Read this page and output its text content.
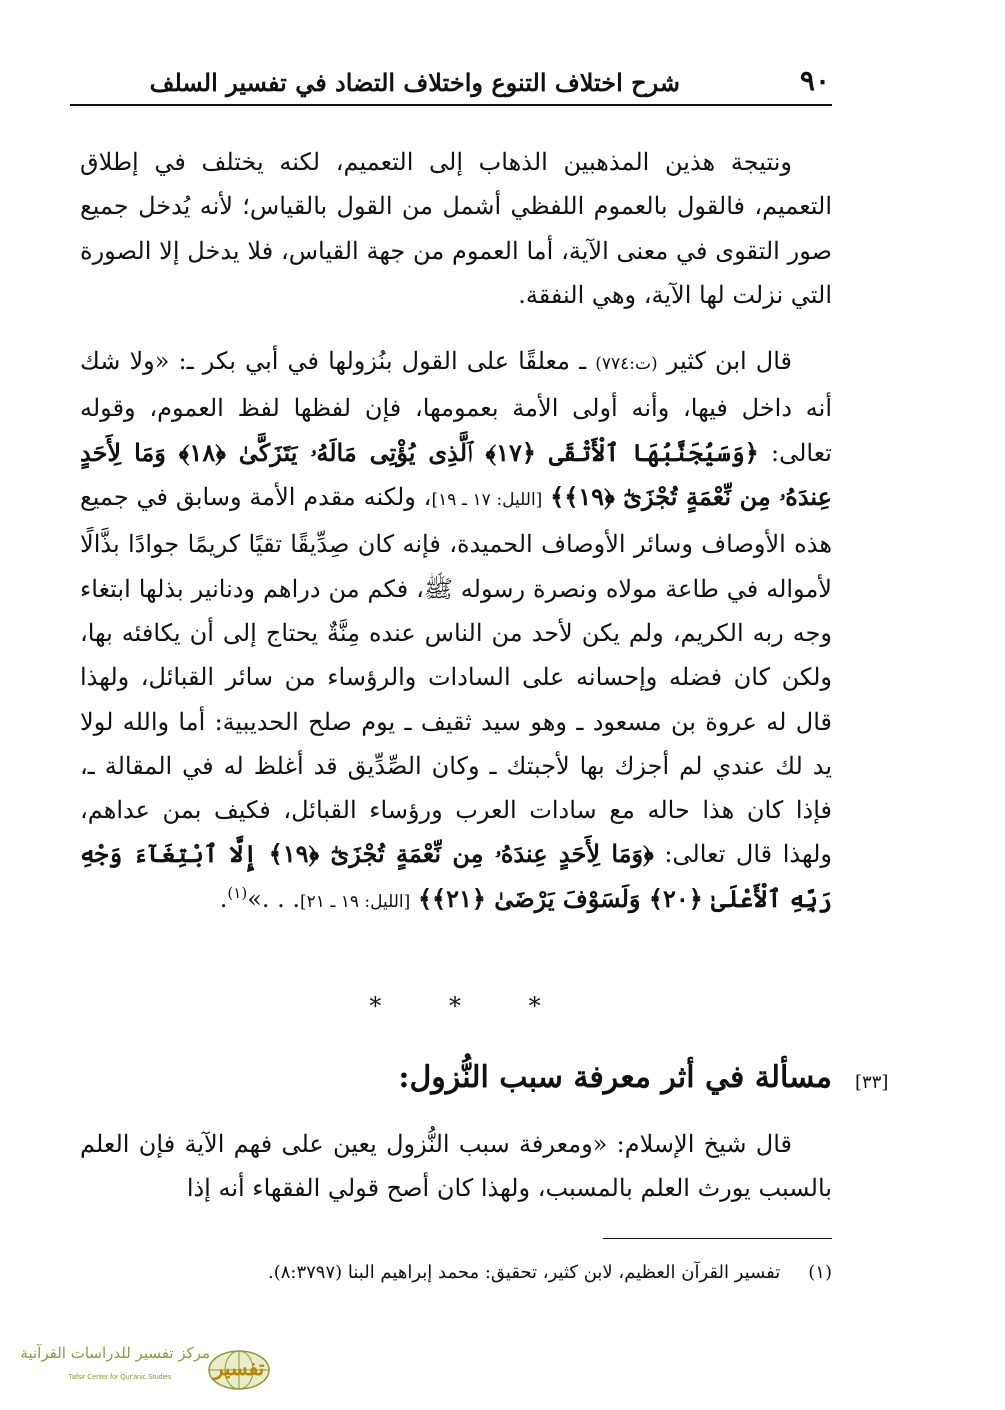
٩٠
شرح اختلاف التنوع واختلاف التضاد في تفسير السلف

ونتيجة هذين المذهبين الذهاب إلى التعميم، لكنه يختلف في إطلاق التعميم، فالقول بالعموم اللفظي أشمل من القول بالقياس؛ لأنه يُدخل جميع صور التقوى في معنى الآية، أما العموم من جهة القياس، فلا يدخل إلا الصورة التي نزلت لها الآية، وهي النفقة.

قال ابن كثير (ت:٧٧٤) ـ معلقًا على القول بنُزولها في أبي بكر ـ: «ولا شك أنه داخل فيها، وأنه أولى الأمة بعمومها، فإن لفظها لفظ العموم، وقوله تعالى: ﴿وَسَيُجَنَّبُهَا ٱلْأَتْقَى ﴿١٧﴾ ٱلَّذِى يُؤْتِى مَالَهُۥ يَتَزَكَّىٰ ﴿١٨﴾ وَمَا لِأَحَدٍ عِندَهُۥ مِن نِّعْمَةٍ تُجْزَىٰٓ ﴿١٩﴾﴾ [الليل: ١٧ ـ ١٩]، ولكنه مقدم الأمة وسابق في جميع هذه الأوصاف وسائر الأوصاف الحميدة، فإنه كان صِدِّيقًا تقيًا كريمًا جوادًا بذَّالًا لأمواله في طاعة مولاه ونصرة رسوله ﷺ، فكم من دراهم ودنانير بذلها ابتغاء وجه ربه الكريم، ولم يكن لأحد من الناس عنده مِنَّةٌ يحتاج إلى أن يكافئه بها، ولكن كان فضله وإحسانه على السادات والرؤساء من سائر القبائل، ولهذا قال له عروة بن مسعود ـ وهو سيد ثقيف ـ يوم صلح الحديبية: أما والله لولا يد لك عندي لم أجزك بها لأجبتك ـ وكان الصِّدِّيق قد أغلظ له في المقالة ـ، فإذا كان هذا حاله مع سادات العرب ورؤساء القبائل، فكيف بمن عداهم، ولهذا قال تعالى: ﴿وَمَا لِأَحَدٍ عِندَهُۥ مِن نِّعْمَةٍ تُجْزَىٰٓ ﴿١٩﴾ إِلَّا ٱبْتِغَآءَ وَجْهِ رَبِّهِ ٱلْأَعْلَىٰ ﴿٢٠﴾ وَلَسَوْفَ يَرْضَىٰ ﴿٢١﴾﴾ [الليل: ١٩ ـ ٢١]. . .»$^{(١)}$.

* * *
[٣٣]
مسألة في أثر معرفة سبب النُّزول:

قال شيخ الإسلام: «ومعرفة سبب النُّزول يعين على فهم الآية فإن العلم بالسبب يورث العلم بالمسبب، ولهذا كان أصح قولي الفقهاء أنه إذا

(١)تفسير القرآن العظيم، لابن كثير، تحقيق: محمد إبراهيم البنا (٨:٣٧٩٧).
مركز تفسير للدراسات القرآنية
Tafsir Center for Qur'anic Studies	تفسير
